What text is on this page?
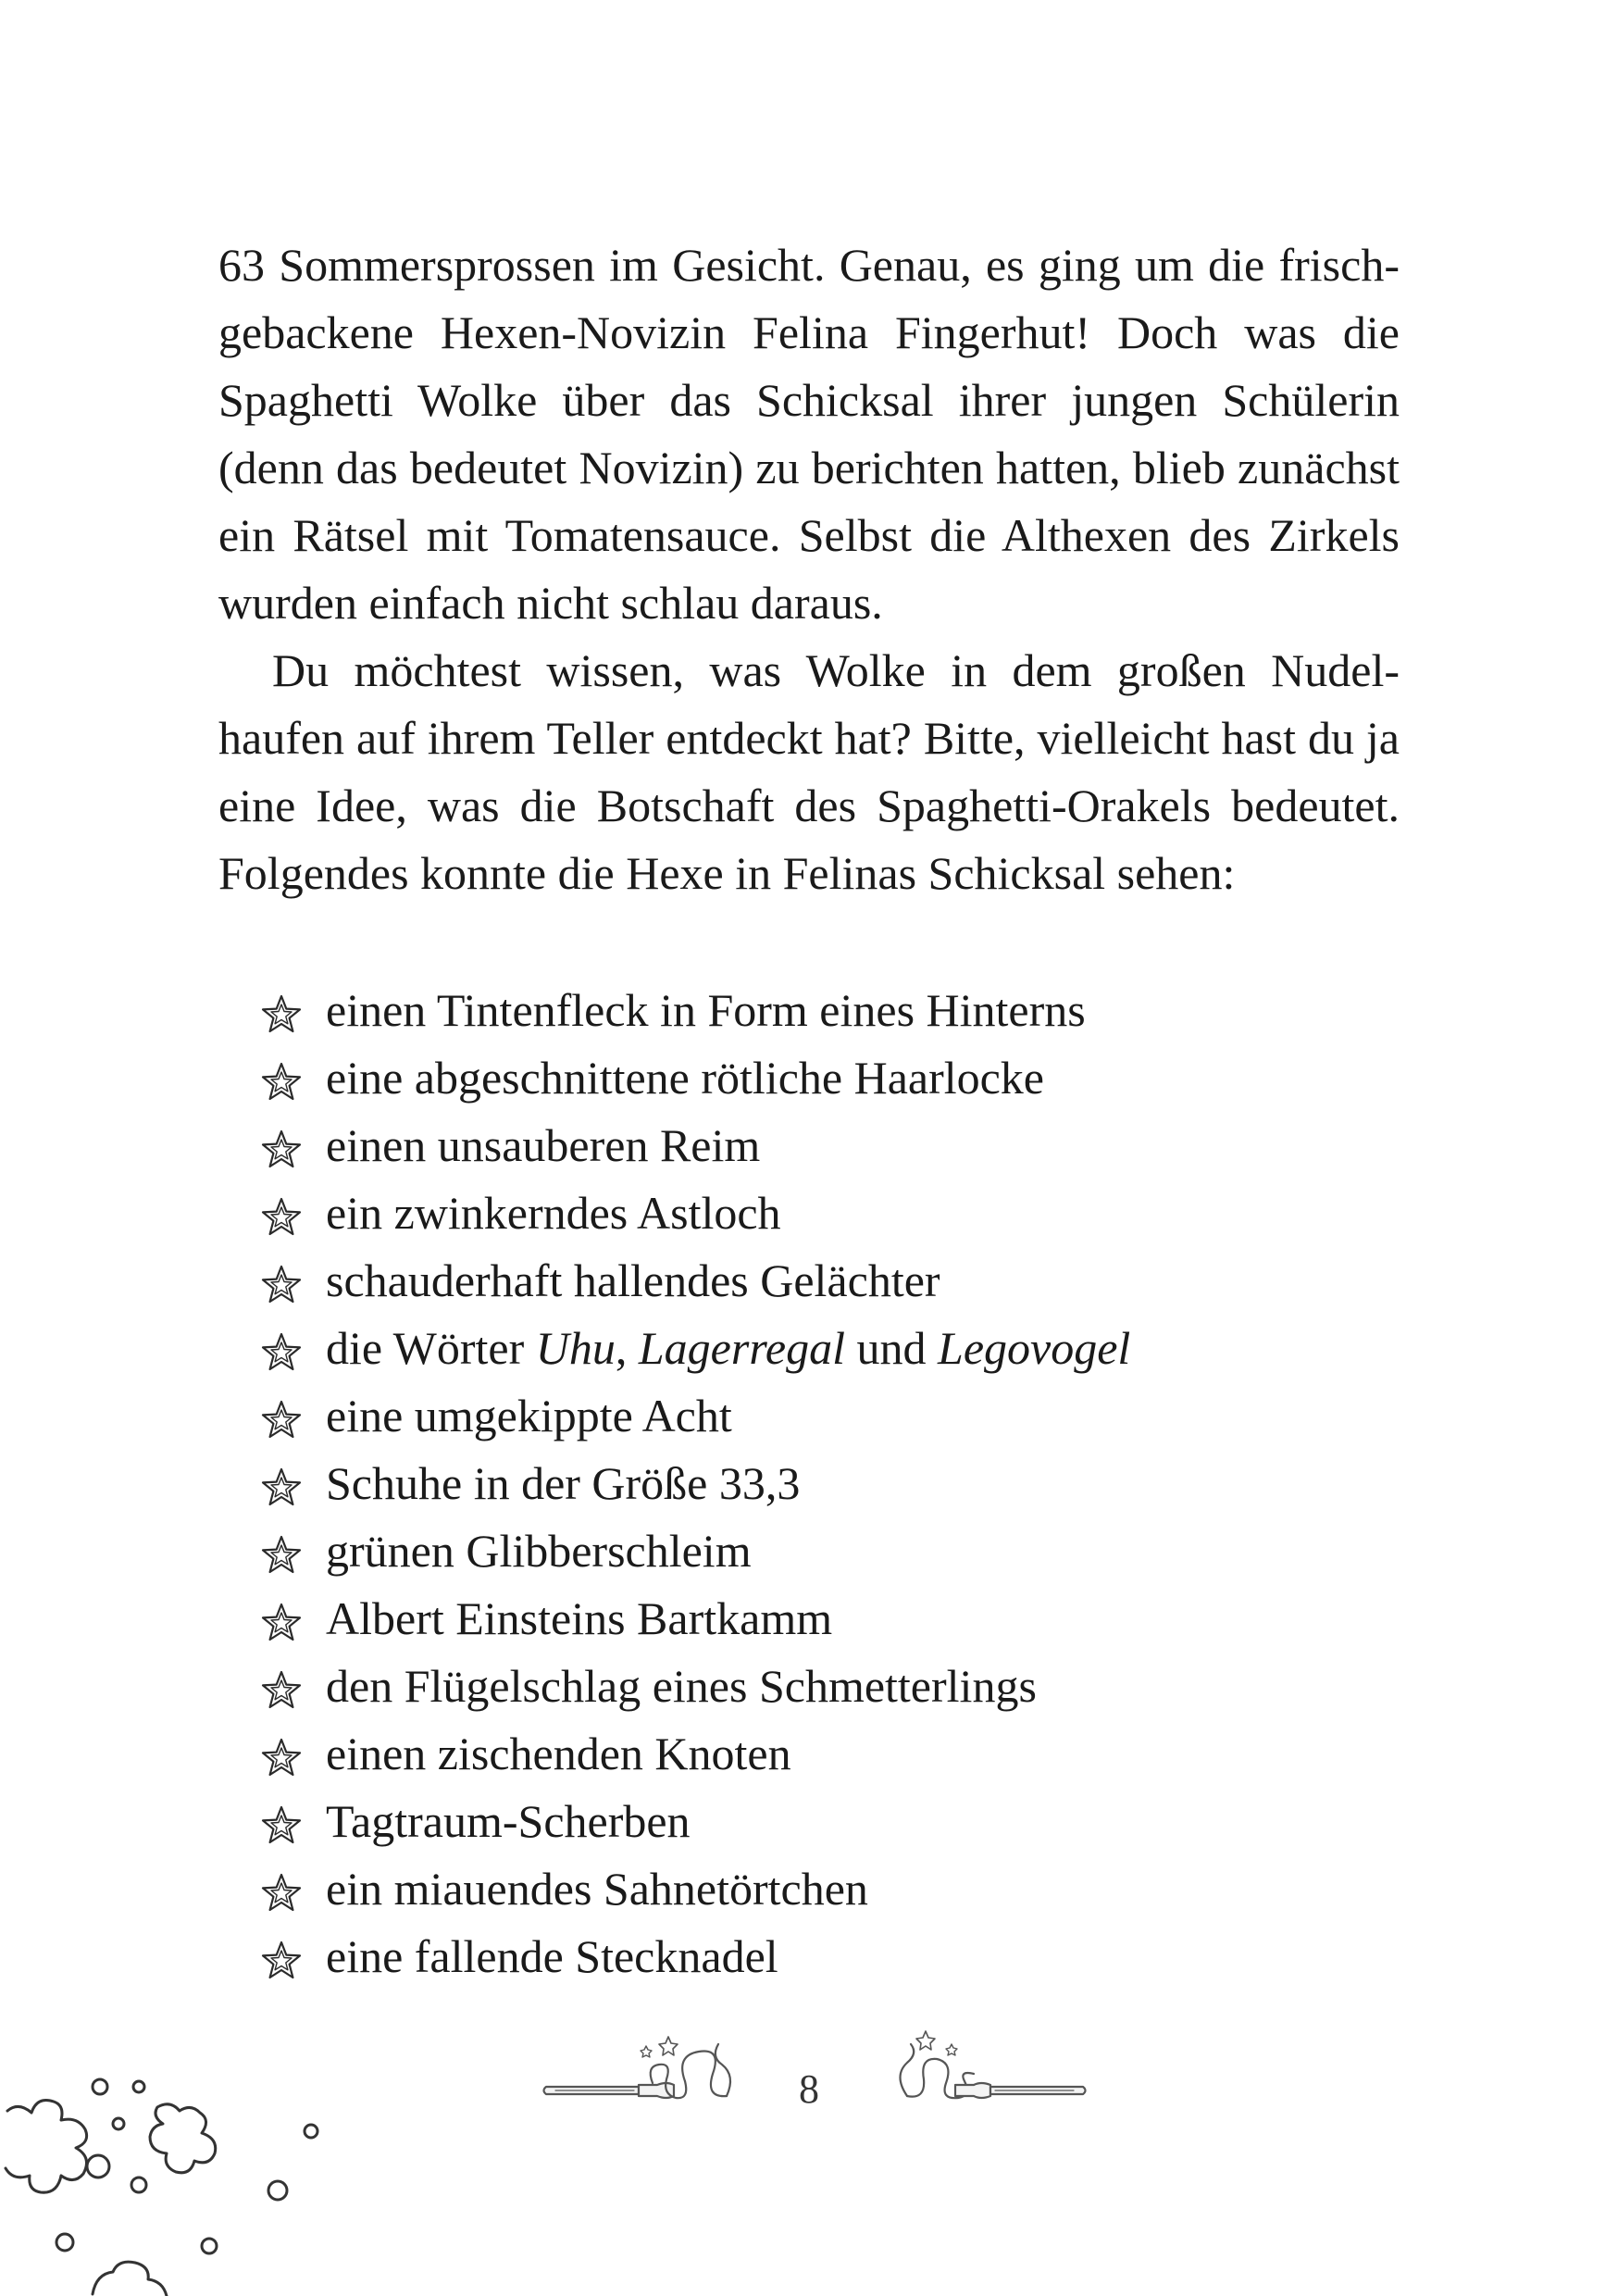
63 Sommersprossen im Gesicht. Genau, es ging um die frischgebackene Hexen-Novizin Felina Fingerhut! Doch was die Spaghetti Wolke über das Schicksal ihrer jungen Schülerin (denn das bedeutet Novizin) zu berichten hatten, blieb zunächst ein Rätsel mit Tomatensauce. Selbst die Althexen des Zirkels wurden einfach nicht schlau daraus.

Du möchtest wissen, was Wolke in dem großen Nudelhaufen auf ihrem Teller entdeckt hat? Bitte, vielleicht hast du ja eine Idee, was die Botschaft des Spaghetti-Orakels bedeutet. Folgendes konnte die Hexe in Felinas Schicksal sehen:

einen Tintenfleck in Form eines Hinterns
eine abgeschnittene rötliche Haarlocke
einen unsauberen Reim
ein zwinkerndes Astloch
schauderhaft hallendes Gelächter
die Wörter Uhu, Lagerregal und Legovogel
eine umgekippte Acht
Schuhe in der Größe 33,3
grünen Glibberschleim
Albert Einsteins Bartkamm
den Flügelschlag eines Schmetterlings
einen zischenden Knoten
Tagtraum-Scherben
ein miauendes Sahnetörtchen
eine fallende Stecknadel
8
